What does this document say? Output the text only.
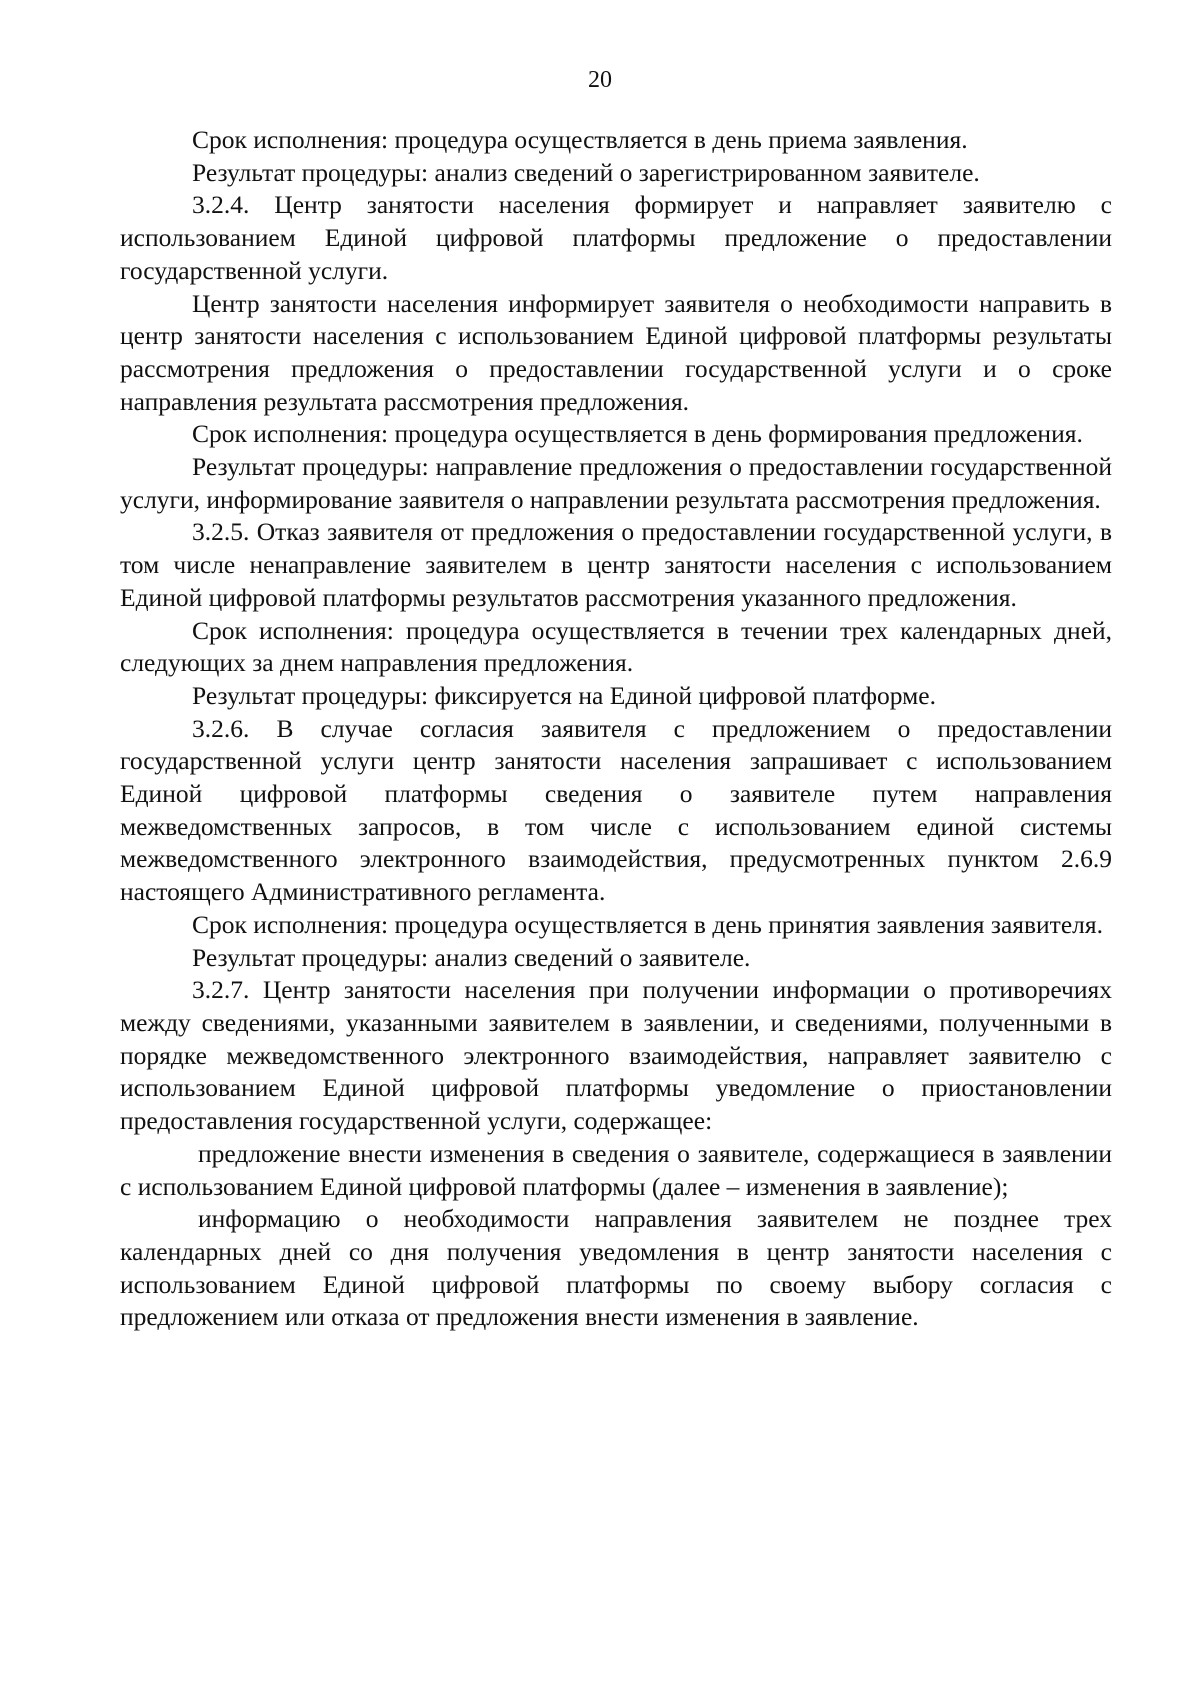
20

Срок исполнения: процедура осуществляется в день приема заявления.

Результат процедуры: анализ сведений о зарегистрированном заявителе.

3.2.4. Центр занятости населения формирует и направляет заявителю с использованием Единой цифровой платформы предложение о предоставлении государственной услуги.

Центр занятости населения информирует заявителя о необходимости направить в центр занятости населения с использованием Единой цифровой платформы результаты рассмотрения предложения о предоставлении государственной услуги и о сроке направления результата рассмотрения предложения.

Срок исполнения: процедура осуществляется в день формирования предложения.

Результат процедуры: направление предложения о предоставлении государственной услуги, информирование заявителя о направлении результата рассмотрения предложения.

3.2.5. Отказ заявителя от предложения о предоставлении государственной услуги, в том числе ненаправление заявителем в центр занятости населения с использованием Единой цифровой платформы результатов рассмотрения указанного предложения.

Срок исполнения: процедура осуществляется в течении трех календарных дней, следующих за днем направления предложения.

Результат процедуры: фиксируется на Единой цифровой платформе.

3.2.6. В случае согласия заявителя с предложением о предоставлении государственной услуги центр занятости населения запрашивает с использованием Единой цифровой платформы сведения о заявителе путем направления межведомственных запросов, в том числе с использованием единой системы межведомственного электронного взаимодействия, предусмотренных пунктом 2.6.9 настоящего Административного регламента.

Срок исполнения: процедура осуществляется в день принятия заявления заявителя.

Результат процедуры: анализ сведений о заявителе.

3.2.7. Центр занятости населения при получении информации о противоречиях между сведениями, указанными заявителем в заявлении, и сведениями, полученными в порядке межведомственного электронного взаимодействия, направляет заявителю с использованием Единой цифровой платформы уведомление о приостановлении предоставления государственной услуги, содержащее:

предложение внести изменения в сведения о заявителе, содержащиеся в заявлении с использованием Единой цифровой платформы (далее – изменения в заявление);

информацию о необходимости направления заявителем не позднее трех календарных дней со дня получения уведомления в центр занятости населения с использованием Единой цифровой платформы по своему выбору согласия с предложением или отказа от предложения внести изменения в заявление.
